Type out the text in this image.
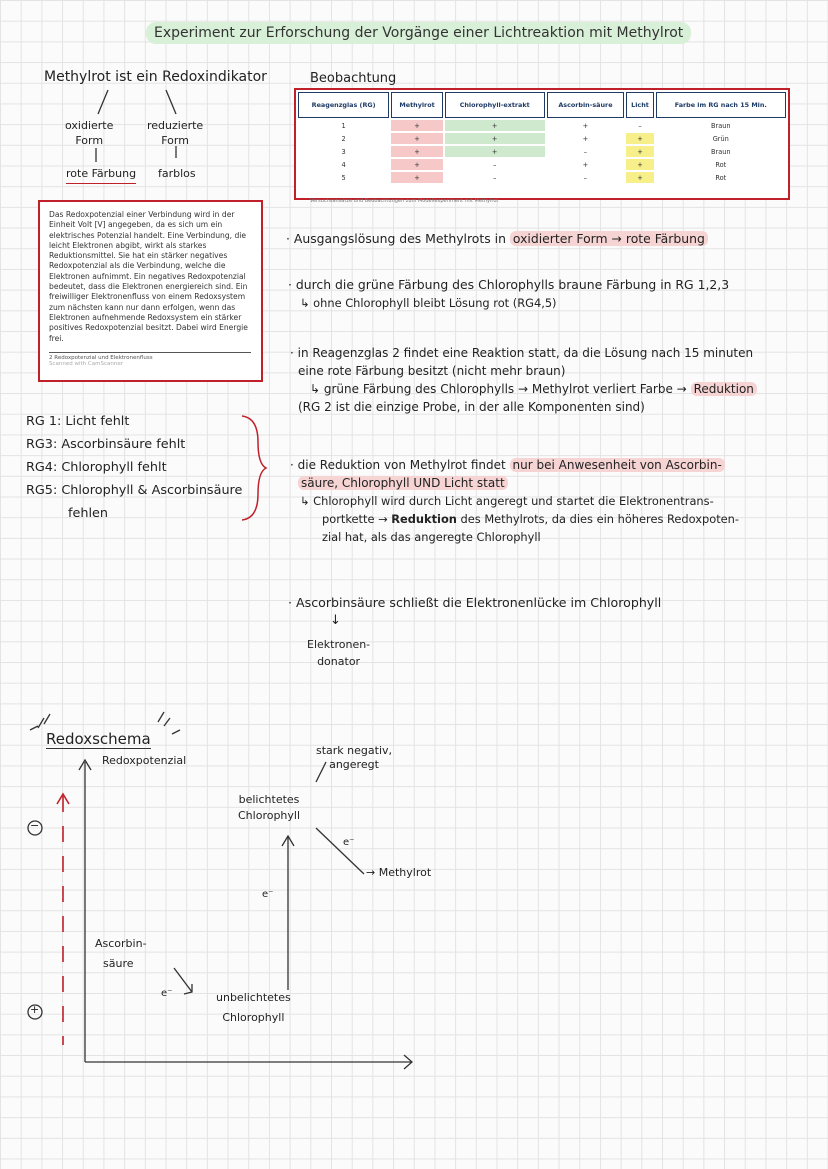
Experiment zur Erforschung der Vorgänge einer Lichtreaktion mit Methylrot
Methylrot ist ein Redoxindikator
oxidierte
Form
reduzierte
Form
rote Färbung farblos
Das Redoxpotenzial einer Verbindung wird in der Einheit Volt [V] angegeben, da es sich um ein elektrisches Potenzial handelt. Eine Verbindung, die leicht Elektronen abgibt, wirkt als starkes Reduktionsmittel. Sie hat ein stärker negatives Redoxpotenzial als die Verbindung, welche die Elektronen aufnimmt. Ein negatives Redoxpotenzial bedeutet, dass die Elektronen energiereich sind. Ein freiwilliger Elektronenfluss von einem Redoxsystem zum nächsten kann nur dann erfolgen, wenn das Elektronen aufnehmende Redoxsystem ein stärker positives Redoxpotenzial besitzt. Dabei wird Energie frei.
2 Redoxpotenzial und Elektronenfluss
Scanned with CamScanner
RG 1: Licht fehlt
RG3: Ascorbinsäure fehlt
RG4: Chlorophyll fehlt
RG5: Chlorophyll & Ascorbinsäure
fehlen
Beobachtung
Reagenzglas (RG)	Methylrot	Chlorophyll-extrakt	Ascorbin-säure	Licht	Farbe im RG nach 15 Min.
1	+	+	+	–	Braun
2	+	+	+	+	Grün
3	+	+	–	+	Braun
4	+	–	+	+	Rot
5	+	–	–	+	Rot
Versuchsansätze und Beobachtungen zum Modellexperiment mit Methylrot
· Ausgangslösung des Methylrots in oxidierter Form → rote Färbung
· durch die grüne Färbung des Chlorophylls braune Färbung in RG 1,2,3
↳ ohne Chlorophyll bleibt Lösung rot (RG4,5)
· in Reagenzglas 2 findet eine Reaktion statt, da die Lösung nach 15 minuten
eine rote Färbung besitzt (nicht mehr braun)
↳ grüne Färbung des Chlorophylls → Methylrot verliert Farbe → Reduktion
(RG 2 ist die einzige Probe, in der alle Komponenten sind)
· die Reduktion von Methylrot findet nur bei Anwesenheit von Ascorbin-
säure, Chlorophyll UND Licht statt
↳ Chlorophyll wird durch Licht angeregt und startet die Elektronentrans-
portkette → Reduktion des Methylrots, da dies ein höheres Redoxpoten-
zial hat, als das angeregte Chlorophyll
· Ascorbinsäure schließt die Elektronenlücke im Chlorophyll
↓
Elektronen-
donator
Redoxschema
Redoxpotenzial
−
+
stark negativ,
angeregt
belichtetes
Chlorophyll
e⁻
→ Methylrot
e⁻
Ascorbin-
säure
e⁻	unbelichtetes
Chlorophyll
